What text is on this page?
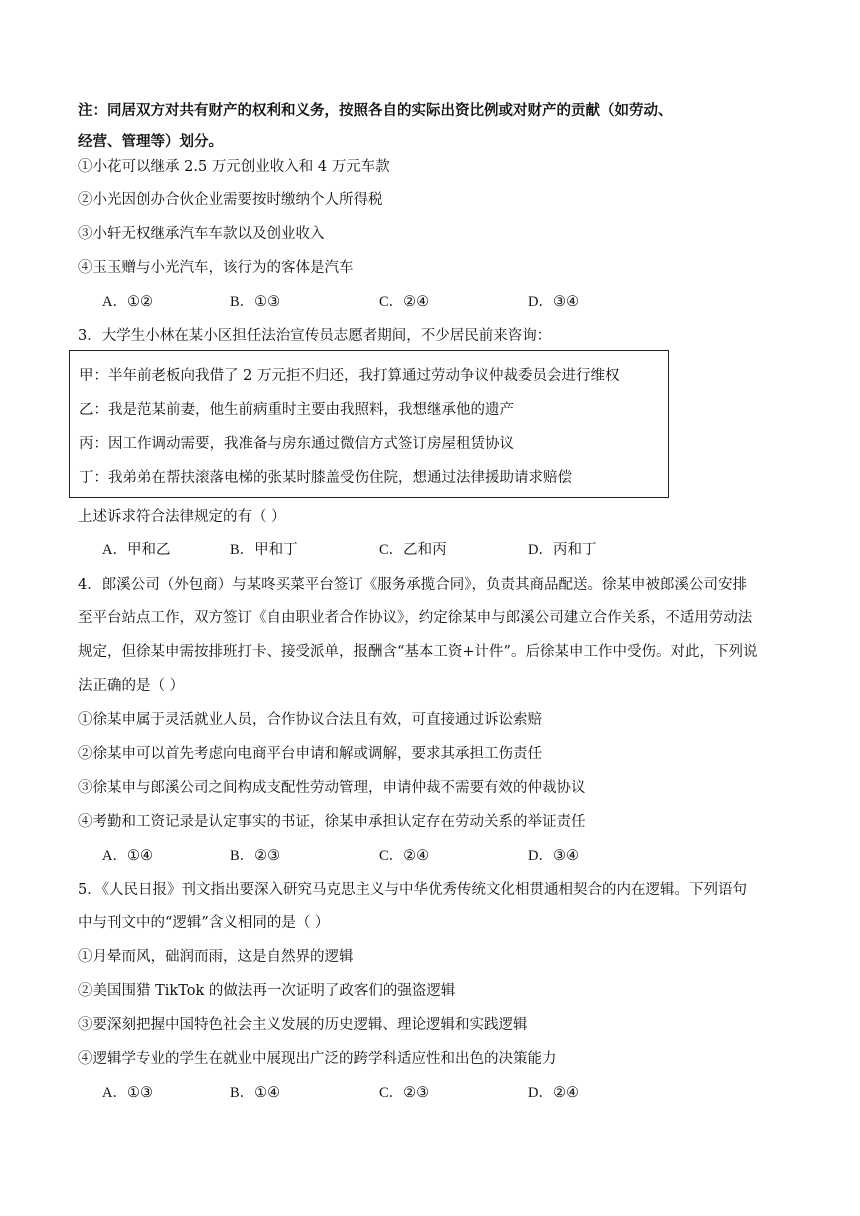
注：同居双方对共有财产的权利和义务，按照各自的实际出资比例或对财产的贡献（如劳动、
经营、管理等）划分。
①小花可以继承 2.5 万元创业收入和 4 万元车款
②小光因创办合伙企业需要按时缴纳个人所得税
③小轩无权继承汽车车款以及创业收入
④玉玉赠与小光汽车，该行为的客体是汽车
A．①②	B．①③	C．②④	D．③④
3．大学生小林在某小区担任法治宣传员志愿者期间，不少居民前来咨询：
甲：半年前老板向我借了 2 万元拒不归还，我打算通过劳动争议仲裁委员会进行维权
乙：我是范某前妻，他生前病重时主要由我照料，我想继承他的遗产
丙：因工作调动需要，我准备与房东通过微信方式签订房屋租赁协议
丁：我弟弟在帮扶滚落电梯的张某时膝盖受伤住院，想通过法律援助请求赔偿
上述诉求符合法律规定的有（ ）
A．甲和乙	B．甲和丁	C．乙和丙	D．丙和丁
4．郎溪公司（外包商）与某咚买菜平台签订《服务承揽合同》，负责其商品配送。徐某申被郎溪公司安排
至平台站点工作，双方签订《自由职业者合作协议》，约定徐某申与郎溪公司建立合作关系，不适用劳动法
规定，但徐某申需按排班打卡、接受派单，报酬含“基本工资+计件”。后徐某申工作中受伤。对此，下列说
法正确的是（ ）
①徐某申属于灵活就业人员，合作协议合法且有效，可直接通过诉讼索赔
②徐某申可以首先考虑向电商平台申请和解或调解，要求其承担工伤责任
③徐某申与郎溪公司之间构成支配性劳动管理，申请仲裁不需要有效的仲裁协议
④考勤和工资记录是认定事实的书证，徐某申承担认定存在劳动关系的举证责任
A．①④	B．②③	C．②④	D．③④
5．《人民日报》刊文指出要深入研究马克思主义与中华优秀传统文化相贯通相契合的内在逻辑。下列语句
中与刊文中的“逻辑”含义相同的是（ ）
①月晕而风，础润而雨，这是自然界的逻辑
②美国围猎 TikTok 的做法再一次证明了政客们的强盗逻辑
③要深刻把握中国特色社会主义发展的历史逻辑、理论逻辑和实践逻辑
④逻辑学专业的学生在就业中展现出广泛的跨学科适应性和出色的决策能力
A．①③	B．①④	C．②③	D．②④
